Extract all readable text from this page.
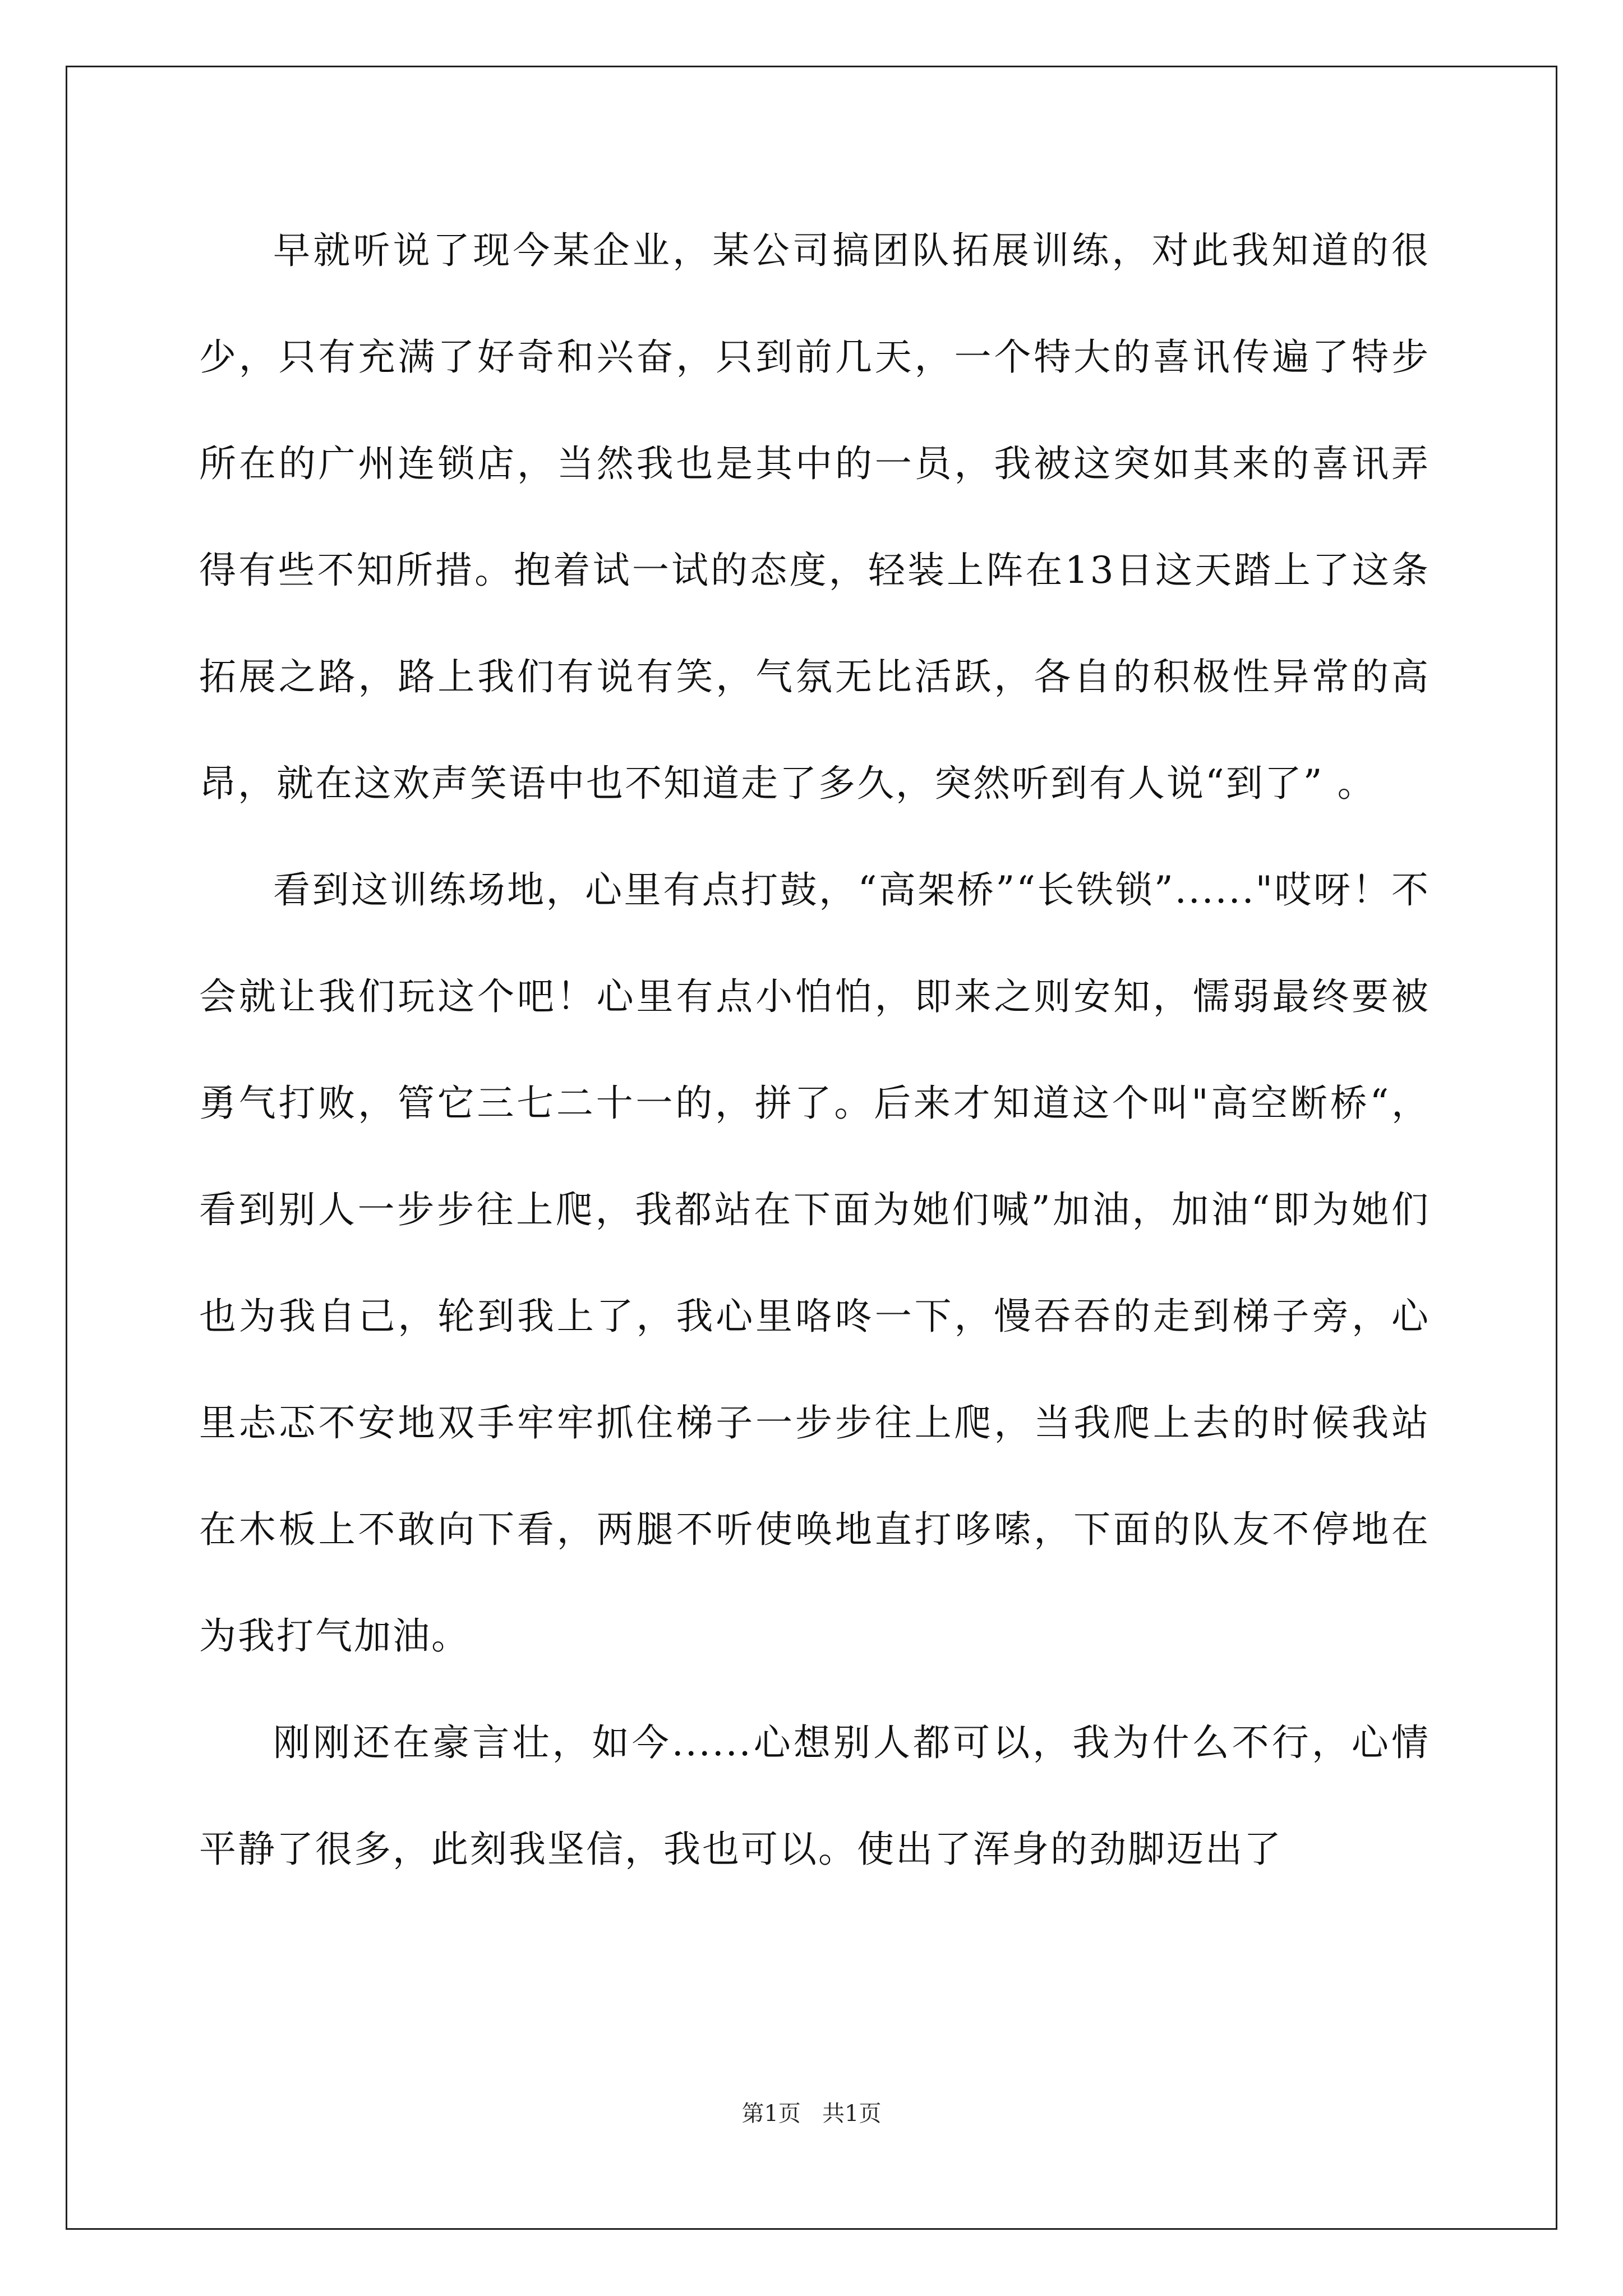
早就听说了现今某企业，某公司搞团队拓展训练，对此我知道的很少，只有充满了好奇和兴奋，只到前几天，一个特大的喜讯传遍了特步所在的广州连锁店，当然我也是其中的一员，我被这突如其来的喜讯弄得有些不知所措。抱着试一试的态度，轻装上阵在13日这天踏上了这条拓展之路，路上我们有说有笑，气氛无比活跃，各自的积极性异常的高昂，就在这欢声笑语中也不知道走了多久，突然听到有人说“到了” 。

看到这训练场地，心里有点打鼓，“高架桥”“长铁锁”......"哎呀！不会就让我们玩这个吧！心里有点小怕怕，即来之则安知，懦弱最终要被勇气打败，管它三七二十一的，拼了。后来才知道这个叫"高空断桥“，看到别人一步步往上爬，我都站在下面为她们喊”加油，加油“即为她们也为我自己，轮到我上了，我心里咯咚一下，慢吞吞的走到梯子旁，心里忐忑不安地双手牢牢抓住梯子一步步往上爬，当我爬上去的时候我站在木板上不敢向下看，两腿不听使唤地直打哆嗦，下面的队友不停地在为我打气加油。

刚刚还在豪言壮，如今......心想别人都可以，我为什么不行，心情平静了很多，此刻我坚信，我也可以。使出了浑身的劲脚迈出了

第1页   共1页
